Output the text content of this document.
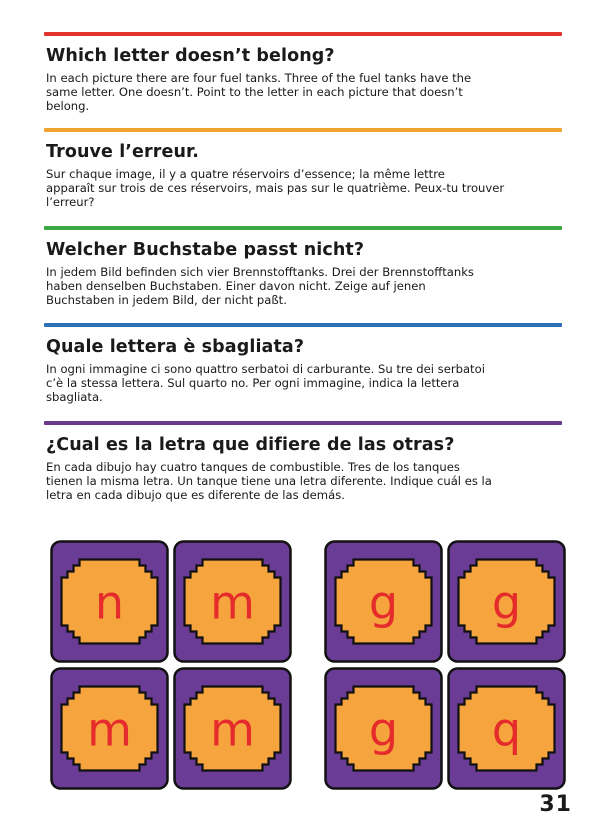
Which letter doesn’t belong?
In each picture there are four fuel tanks. Three of the fuel tanks have the
same letter. One doesn’t. Point to the letter in each picture that doesn’t
belong.
Trouve l’erreur.
Sur chaque image, il y a quatre réservoirs d’essence; la même lettre
apparaît sur trois de ces réservoirs, mais pas sur le quatrième. Peux-tu trouver
l’erreur?
Welcher Buchstabe passt nicht?
In jedem Bild befinden sich vier Brennstofftanks. Drei der Brennstofftanks
haben denselben Buchstaben. Einer davon nicht. Zeige auf jenen
Buchstaben in jedem Bild, der nicht paßt.
Quale lettera è sbagliata?
In ogni immagine ci sono quattro serbatoi di carburante. Su tre dei serbatoi
c’è la stessa lettera. Sul quarto no. Per ogni immagine, indica la lettera
sbagliata.
¿Cual es la letra que difiere de las otras?
En cada dibujo hay cuatro tanques de combustible. Tres de los tanques
tienen la misma letra. Un tanque tiene una letra diferente. Indique cuál es la
letra en cada dibujo que es diferente de las demás.
n m
m m
g g
g q
31
